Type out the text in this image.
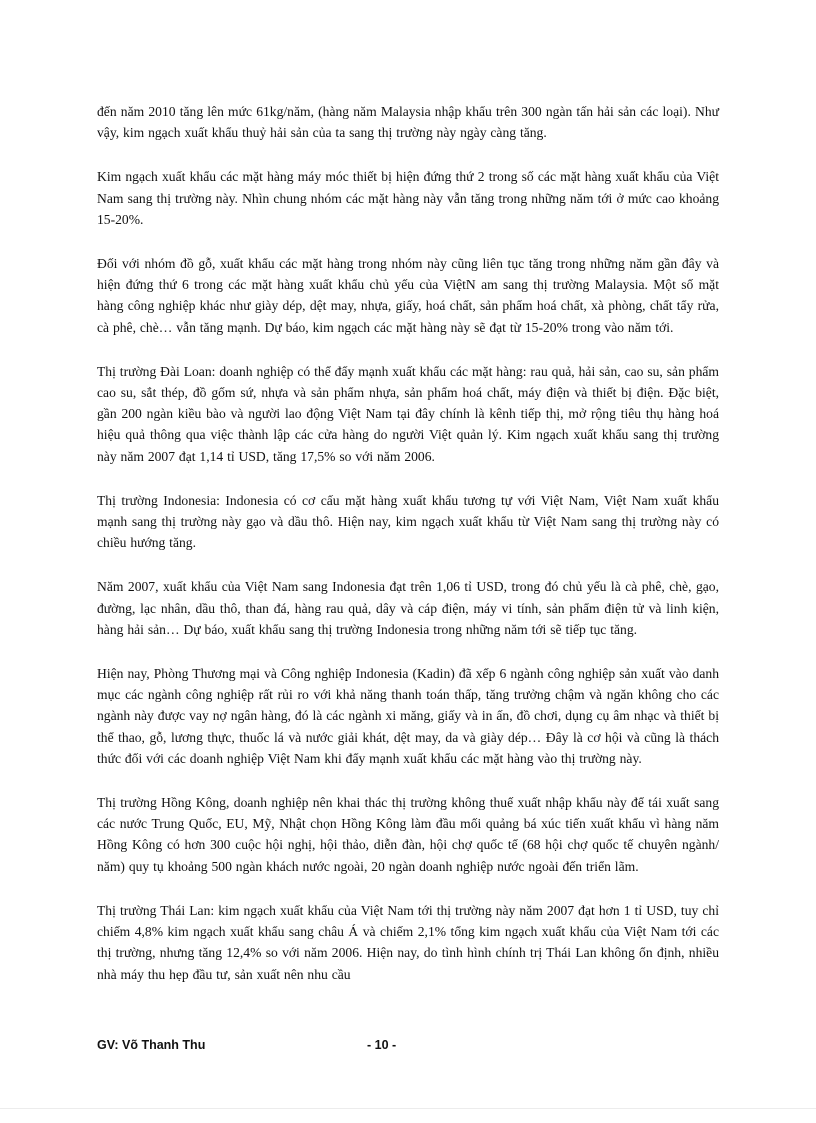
đến năm 2010 tăng lên mức 61kg/năm, (hàng năm Malaysia nhập khẩu trên 300 ngàn tấn hải sản các loại). Như vậy, kim ngạch xuất khẩu thuỷ hải sản của ta sang thị trường này ngày càng tăng.

Kim ngạch xuất khẩu các mặt hàng máy móc thiết bị hiện đứng thứ 2 trong số các mặt hàng xuất khẩu của Việt Nam sang thị trường này. Nhìn chung nhóm các mặt hàng này vẫn tăng trong những năm tới ở mức cao khoảng 15-20%.

Đối với nhóm đồ gỗ, xuất khẩu các mặt hàng trong nhóm này cũng liên tục tăng trong những năm gần đây và hiện đứng thứ 6 trong các mặt hàng xuất khẩu chủ yếu của ViệtN am sang thị trường Malaysia. Một số mặt hàng công nghiệp khác như giày dép, dệt may, nhựa, giấy, hoá chất, sản phẩm hoá chất, xà phòng, chất tẩy rửa, cà phê, chè… vẫn tăng mạnh. Dự báo, kim ngạch các mặt hàng này sẽ đạt từ 15-20% trong vào năm tới.

Thị trường Đài Loan: doanh nghiệp có thể đẩy mạnh xuất khẩu các mặt hàng: rau quả, hải sản, cao su, sản phẩm cao su, sắt thép, đồ gốm sứ, nhựa và sản phẩm nhựa, sản phẩm hoá chất, máy điện và thiết bị điện. Đặc biệt, gần 200 ngàn kiều bào và người lao động Việt Nam tại đây chính là kênh tiếp thị, mở rộng tiêu thụ hàng hoá hiệu quả thông qua việc thành lập các cửa hàng do người Việt quản lý. Kim ngạch xuất khẩu sang thị trường này năm 2007 đạt 1,14 tỉ USD, tăng 17,5% so với năm 2006.

Thị trường Indonesia: Indonesia có cơ cấu mặt hàng xuất khẩu tương tự với Việt Nam, Việt Nam xuất khẩu mạnh sang thị trường này gạo và dầu thô. Hiện nay, kim ngạch xuất khẩu từ Việt Nam sang thị trường này có chiều hướng tăng.

Năm 2007, xuất khẩu của Việt Nam sang Indonesia đạt trên 1,06 tỉ USD, trong đó chủ yếu là cà phê, chè, gạo, đường, lạc nhân, dầu thô, than đá, hàng rau quả, dây và cáp điện, máy vi tính, sản phẩm điện tử và linh kiện, hàng hải sản… Dự báo, xuất khẩu sang thị trường Indonesia trong những năm tới sẽ tiếp tục tăng.

Hiện nay, Phòng Thương mại và Công nghiệp Indonesia (Kadin) đã xếp 6 ngành công nghiệp sản xuất vào danh mục các ngành công nghiệp rất rủi ro với khả năng thanh toán thấp, tăng trưởng chậm và ngăn không cho các ngành này được vay nợ ngân hàng, đó là các ngành xi măng, giấy và in ấn, đồ chơi, dụng cụ âm nhạc và thiết bị thể thao, gỗ, lương thực, thuốc lá và nước giải khát, dệt may, da và giày dép… Đây là cơ hội và cũng là thách thức đối với các doanh nghiệp Việt Nam khi đẩy mạnh xuất khẩu các mặt hàng vào thị trường này.

Thị trường Hồng Kông, doanh nghiệp nên khai thác thị trường không thuế xuất nhập khẩu này để tái xuất sang các nước Trung Quốc, EU, Mỹ, Nhật chọn Hồng Kông làm đầu mối quảng bá xúc tiến xuất khẩu vì hàng năm Hồng Kông có hơn 300 cuộc hội nghị, hội thảo, diễn đàn, hội chợ quốc tế (68 hội chợ quốc tế chuyên ngành/ năm) quy tụ khoảng 500 ngàn khách nước ngoài, 20 ngàn doanh nghiệp nước ngoài đến triển lãm.

Thị trường Thái Lan: kim ngạch xuất khẩu của Việt Nam tới thị trường này năm 2007 đạt hơn 1 tỉ USD, tuy chỉ chiếm 4,8% kim ngạch xuất khẩu sang châu Á và chiếm 2,1% tổng kim ngạch xuất khẩu của Việt Nam tới các thị trường, nhưng tăng 12,4% so với năm 2006. Hiện nay, do tình hình chính trị Thái Lan không ổn định, nhiều nhà máy thu hẹp đầu tư, sản xuất nên nhu cầu

GV: Võ Thanh Thu	- 10 -
